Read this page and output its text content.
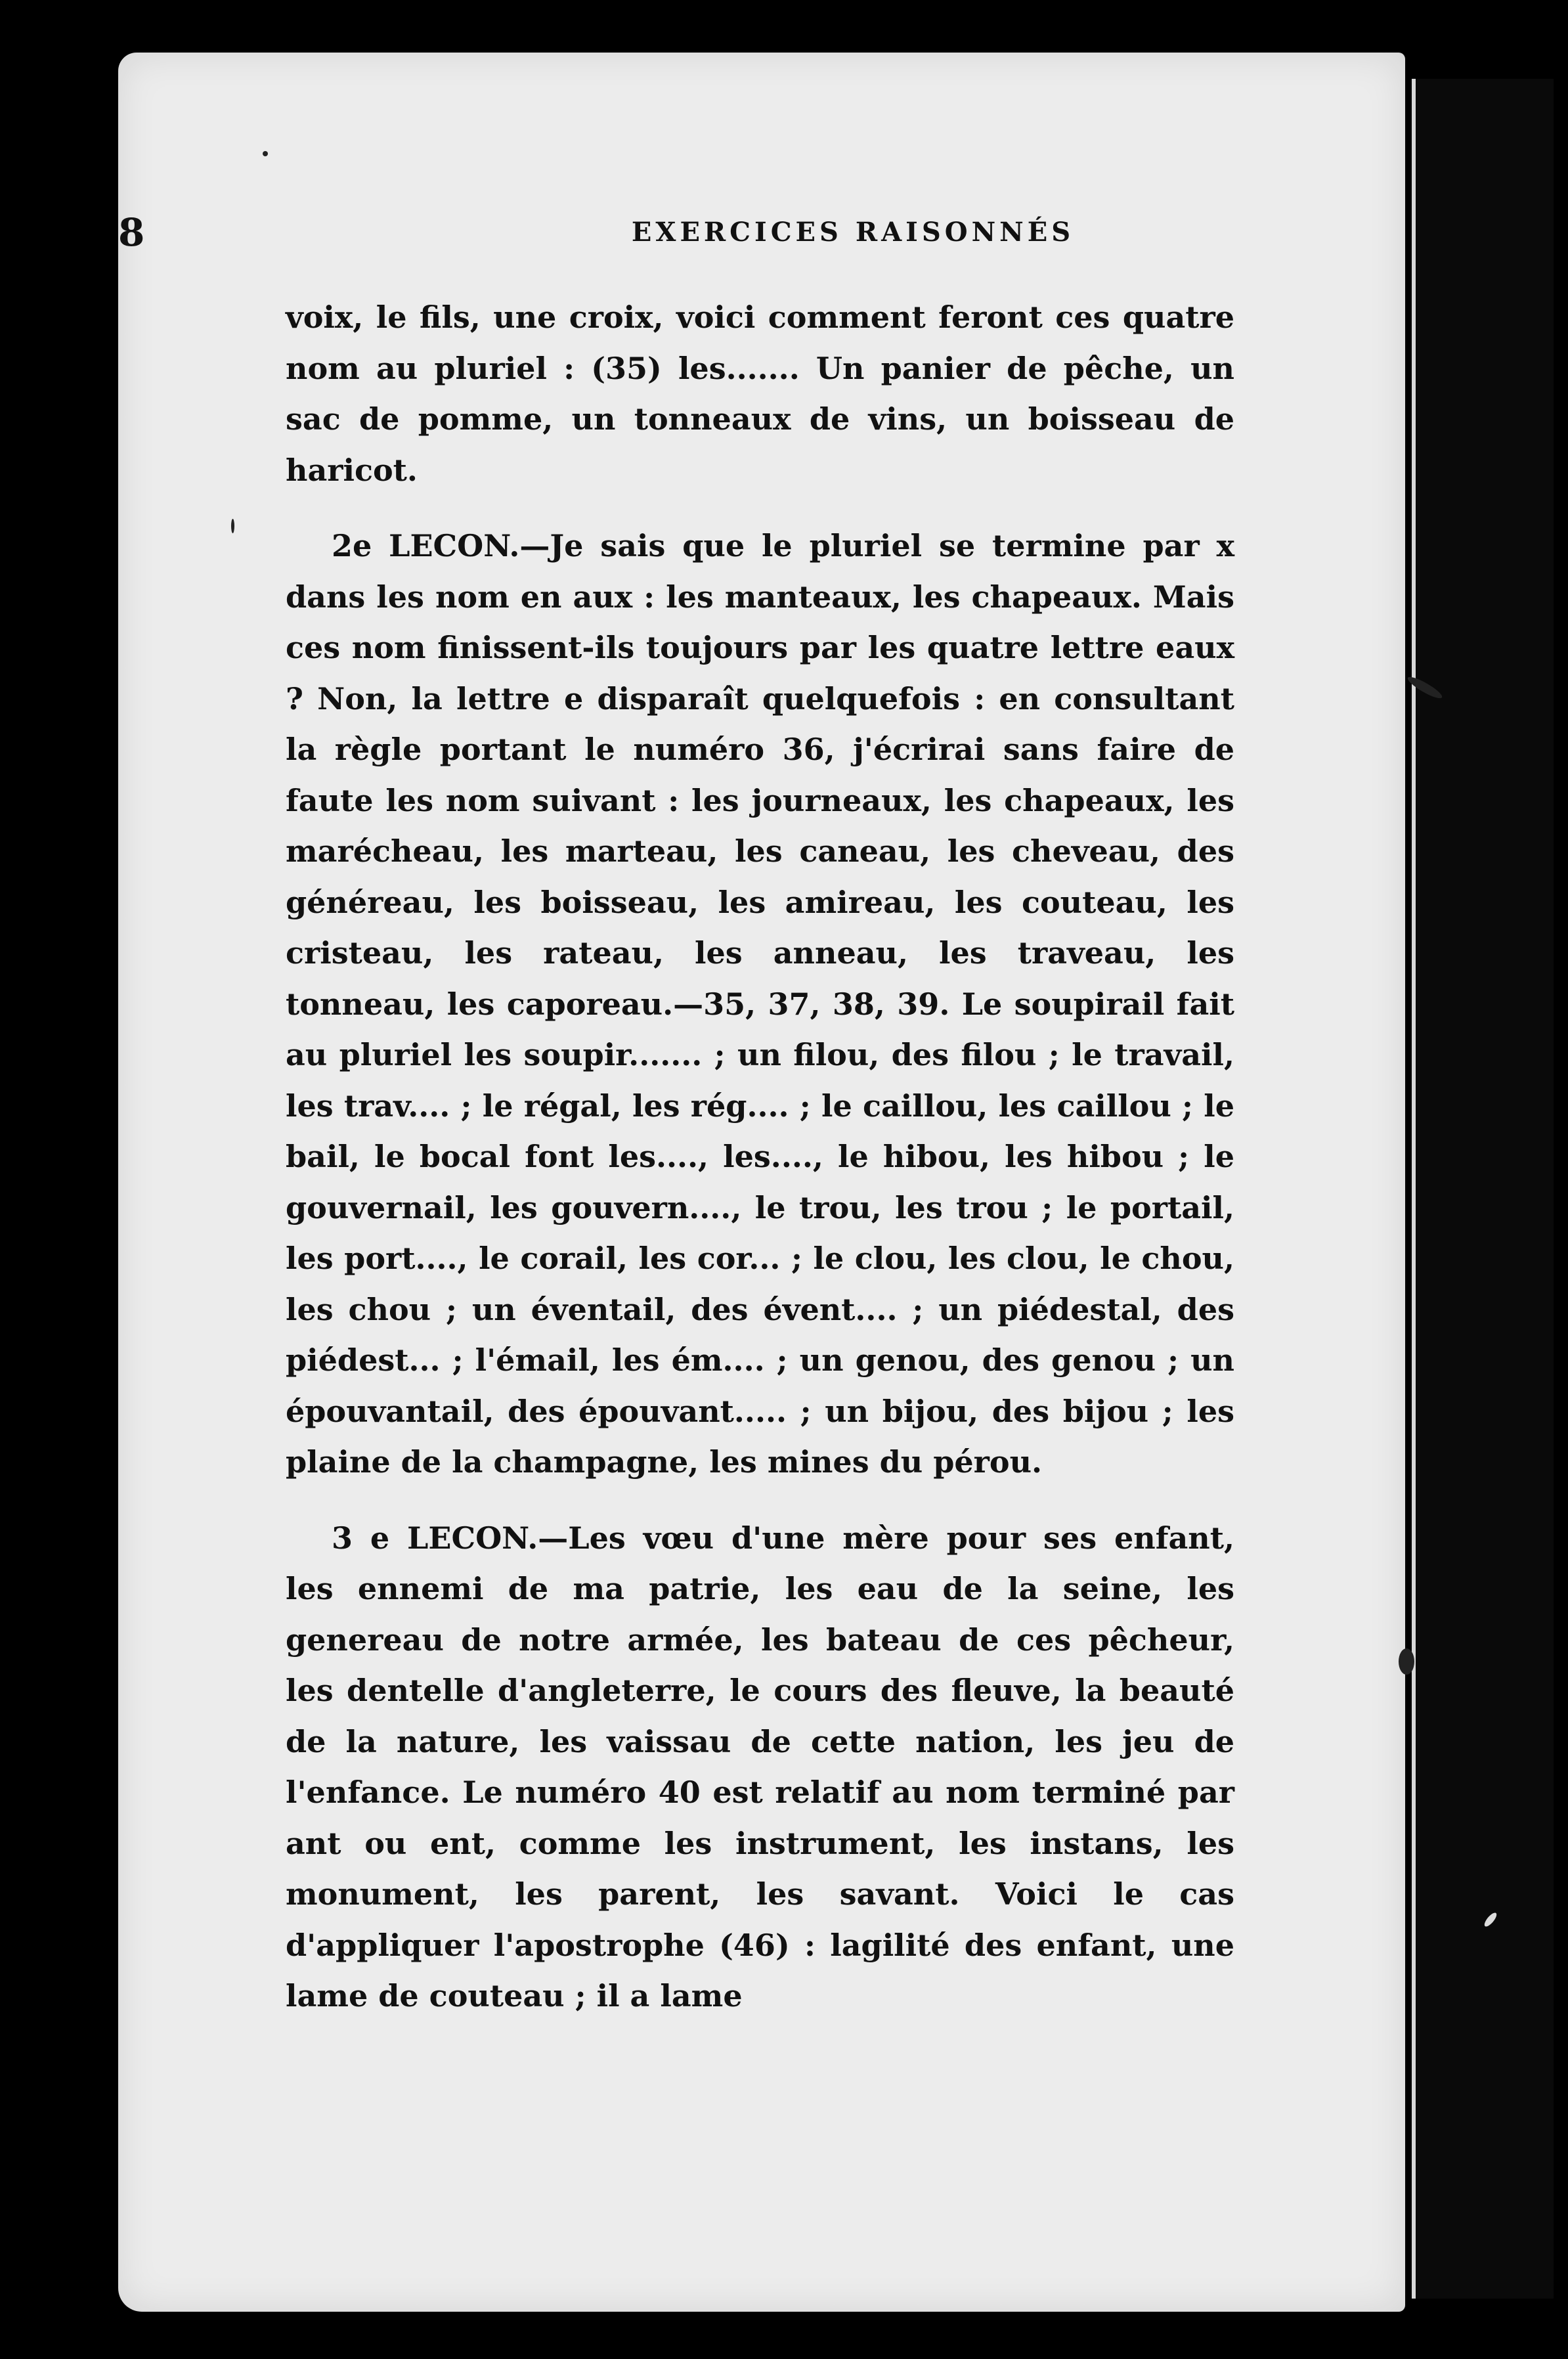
8	EXERCICES RAISONNÉS

voix, le fils, une croix, voici comment feront ces quatre nom au pluriel : (35) les....... Un panier de pêche, un sac de pomme, un tonneaux de vins, un boisseau de haricot.

2e LECON.—Je sais que le pluriel se termine par x dans les nom en aux : les manteaux, les chapeaux. Mais ces nom finissent-ils toujours par les quatre lettre eaux ? Non, la lettre e disparaît quelquefois : en consultant la règle portant le numéro 36, j'écrirai sans faire de faute les nom suivant : les journeaux, les chapeaux, les marécheau, les marteau, les caneau, les cheveau, des généreau, les boisseau, les amireau, les couteau, les cristeau, les rateau, les anneau, les traveau, les tonneau, les caporeau.—35, 37, 38, 39. Le soupirail fait au pluriel les soupir....... ; un filou, des filou ; le travail, les trav.... ; le régal, les rég.... ; le caillou, les caillou ; le bail, le bocal font les...., les...., le hibou, les hibou ; le gouvernail, les gouvern...., le trou, les trou ; le portail, les port...., le corail, les cor... ; le clou, les clou, le chou, les chou ; un éventail, des évent.... ; un piédestal, des piédest... ; l'émail, les ém.... ; un genou, des genou ; un épouvantail, des épouvant..... ; un bijou, des bijou ; les plaine de la champagne, les mines du pérou.

3 e LECON.—Les vœu d'une mère pour ses enfant, les ennemi de ma patrie, les eau de la seine, les genereau de notre armée, les bateau de ces pêcheur, les dentelle d'angleterre, le cours des fleuve, la beauté de la nature, les vaissau de cette nation, les jeu de l'enfance. Le numéro 40 est relatif au nom terminé par ant ou ent, comme les instrument, les instans, les monument, les parent, les savant. Voici le cas d'appliquer l'apostrophe (46) : lagilité des enfant, une lame de couteau ; il a lame
